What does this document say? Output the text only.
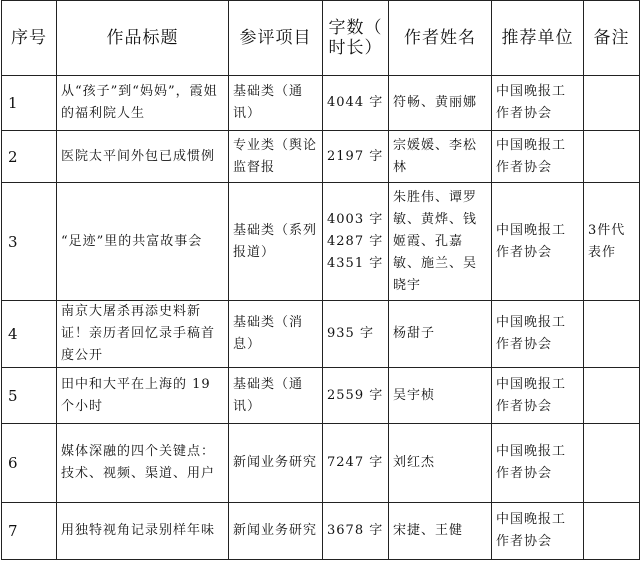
序号	作品标题	参评项目	字数（ 时长）	作者姓名	推荐单位	备注
1	从“孩子”到“妈妈”，霞姐的福利院人生	基础类（通讯）	4044 字	符畅、黄丽娜	中国晚报工作者协会	
2	医院太平间外包已成惯例	专业类（舆论监督报	2197 字	宗媛媛、李松林	中国晚报工作者协会	
3	“足迹”里的共富故事会	基础类（系列报道）	4003 字
4287 字
4351 字	朱胜伟、谭罗敏、黄烨、钱姬霞、孔嘉敏、施兰、吴晓宇	中国晚报工作者协会	3件代表作
4	南京大屠杀再添史料新证！亲历者回忆录手稿首度公开	基础类（消息）	935 字	杨甜子	中国晚报工作者协会	
5	田中和大平在上海的 19 个小时	基础类（通讯）	2559 字	吴宇桢	中国晚报工作者协会	
6	媒体深融的四个关键点：技术、视频、渠道、用户	新闻业务研究	7247 字	刘红杰	中国晚报工作者协会	
7	用独特视角记录别样年味	新闻业务研究	3678 字	宋捷、王健	中国晚报工作者协会	
